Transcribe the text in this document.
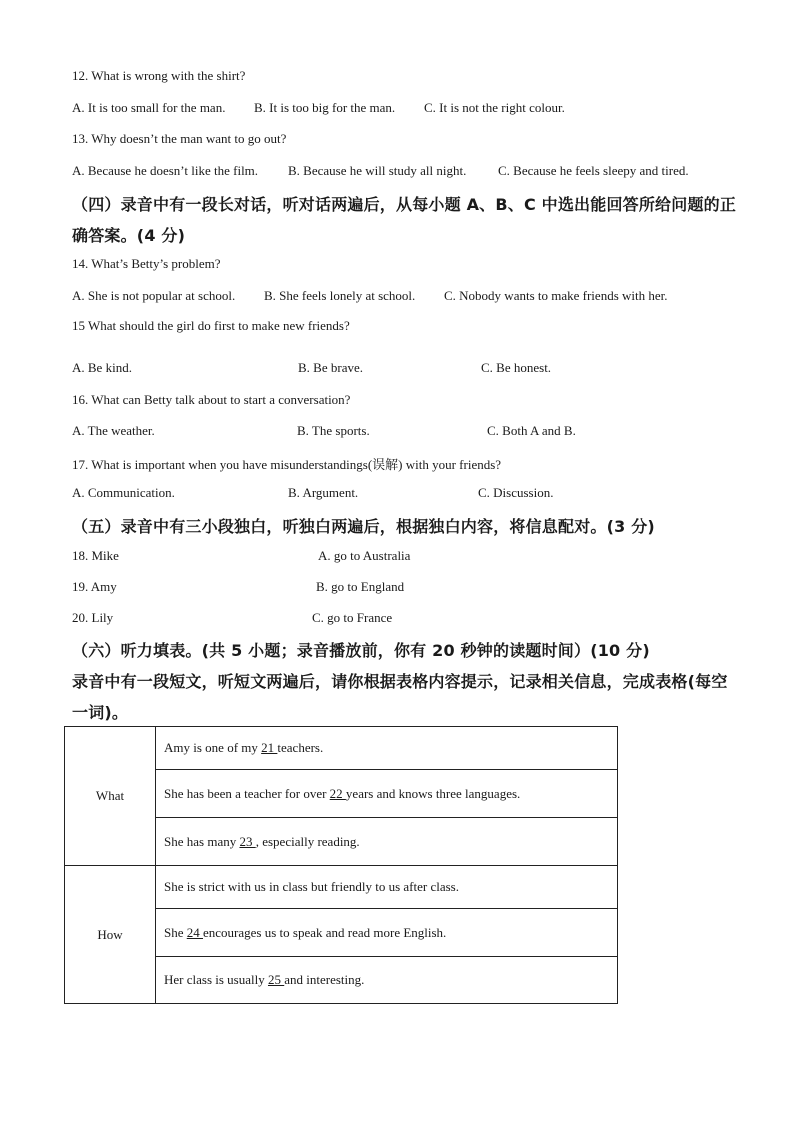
12. What is wrong with the shirt?
A. It is too small for the man. B. It is too big for the man. C. It is not the right colour.
13. Why doesn’t the man want to go out?
A. Because he doesn’t like the film. B. Because he will study all night. C. Because he feels sleepy and tired.
（四）录音中有一段长对话，听对话两遍后，从每小题 A、B、C 中选出能回答所给问题的正
确答案。(4 分)
14. What’s Betty’s problem?
A. She is not popular at school. B. She feels lonely at school. C. Nobody wants to make friends with her.
15 What should the girl do first to make new friends?
A. Be kind.	B. Be brave.	C. Be honest.
16. What can Betty talk about to start a conversation?
A. The weather.	B. The sports.	C. Both A and B.
17. What is important when you have misunderstandings(误解) with your friends?
A. Communication.	B. Argument.	C. Discussion.
（五）录音中有三小段独白，听独白两遍后，根据独白内容，将信息配对。(3 分)
18. Mike	A. go to Australia
19. Amy	B. go to England
20. Lily	C. go to France
（六）听力填表。(共 5 小题；录音播放前，你有 20 秒钟的读题时间）(10 分)
录音中有一段短文，听短文两遍后，请你根据表格内容提示，记录相关信息，完成表格(每空
一词)。
What	Amy is one of my 21 teachers.
	She has been a teacher for over 22 years and knows three languages.
	She has many 23 , especially reading.
How	She is strict with us in class but friendly to us after class.
	She 24 encourages us to speak and read more English.
	Her class is usually 25 and interesting.
